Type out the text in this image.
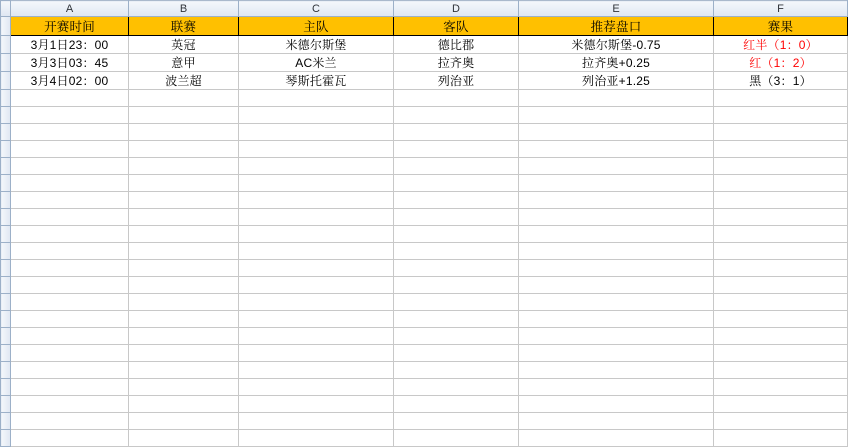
	A	B	C	D	E	F
	开赛时间	联赛	主队	客队	推荐盘口	赛果
	3月1日23：00	英冠	米德尔斯堡	德比郡	米德尔斯堡-0.75	红半（1：0）
	3月3日03：45	意甲	AC米兰	拉齐奥	拉齐奥+0.25	红（1：2）
	3月4日02：00	波兰超	琴斯托霍瓦	列治亚	列治亚+1.25	黑（3：1）
